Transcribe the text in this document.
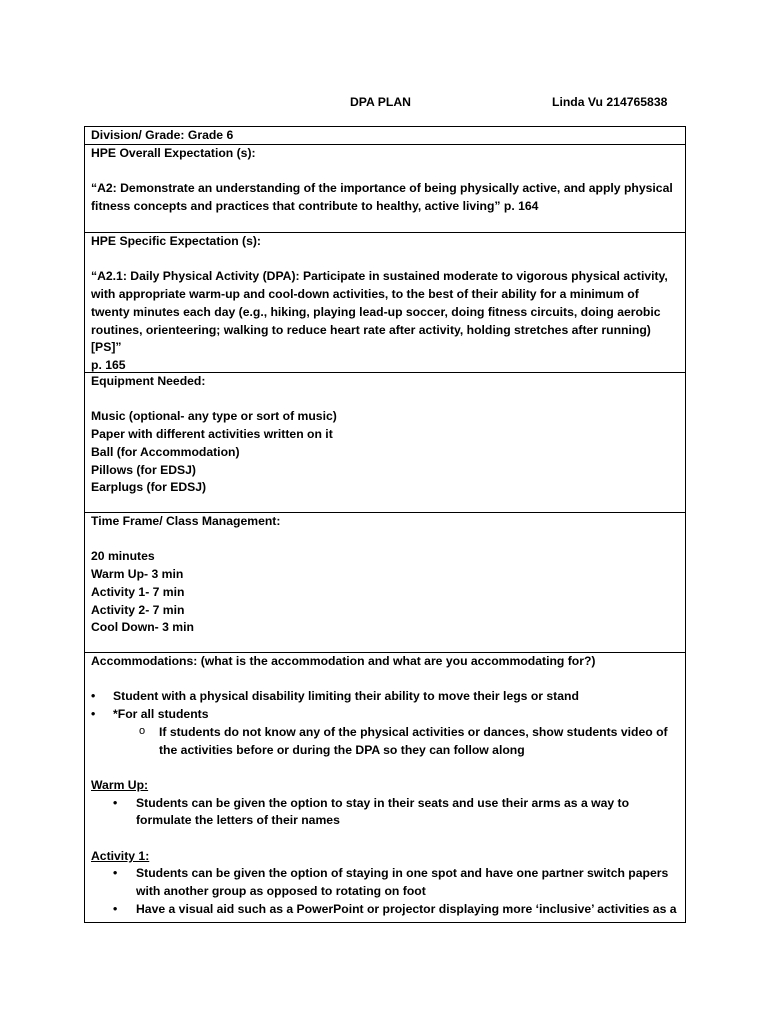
DPA PLAN	Linda Vu 214765838

Division/ Grade: Grade 6

HPE Overall Expectation (s):

“A2: Demonstrate an understanding of the importance of being physically active, and apply physical

fitness concepts and practices that contribute to healthy, active living” p. 164

HPE Specific Expectation (s):

“A2.1: Daily Physical Activity (DPA): Participate in sustained moderate to vigorous physical activity,

with appropriate warm-up and cool-down activities, to the best of their ability for a minimum of

twenty minutes each day (e.g., hiking, playing lead-up soccer, doing fitness circuits, doing aerobic

routines, orienteering; walking to reduce heart rate after activity, holding stretches after running) [PS]”

p. 165

Equipment Needed:

Music (optional- any type or sort of music)

Paper with different activities written on it

Ball (for Accommodation)

Pillows (for EDSJ)

Earplugs (for EDSJ)

Time Frame/ Class Management:

20 minutes

Warm Up- 3 min

Activity 1- 7 min

Activity 2- 7 min

Cool Down- 3 min

Accommodations: (what is the accommodation and what are you accommodating for?)

• Student with a physical disability limiting their ability to move their legs or stand
• *For all students
o If students do not know any of the physical activities or dances, show students video of
the activities before or during the DPA so they can follow along

Warm Up:

• Students can be given the option to stay in their seats and use their arms as a way to
formulate the letters of their names

Activity 1:

• Students can be given the option of staying in one spot and have one partner switch papers
with another group as opposed to rotating on foot
• Have a visual aid such as a PowerPoint or projector displaying more ‘inclusive’ activities as a
